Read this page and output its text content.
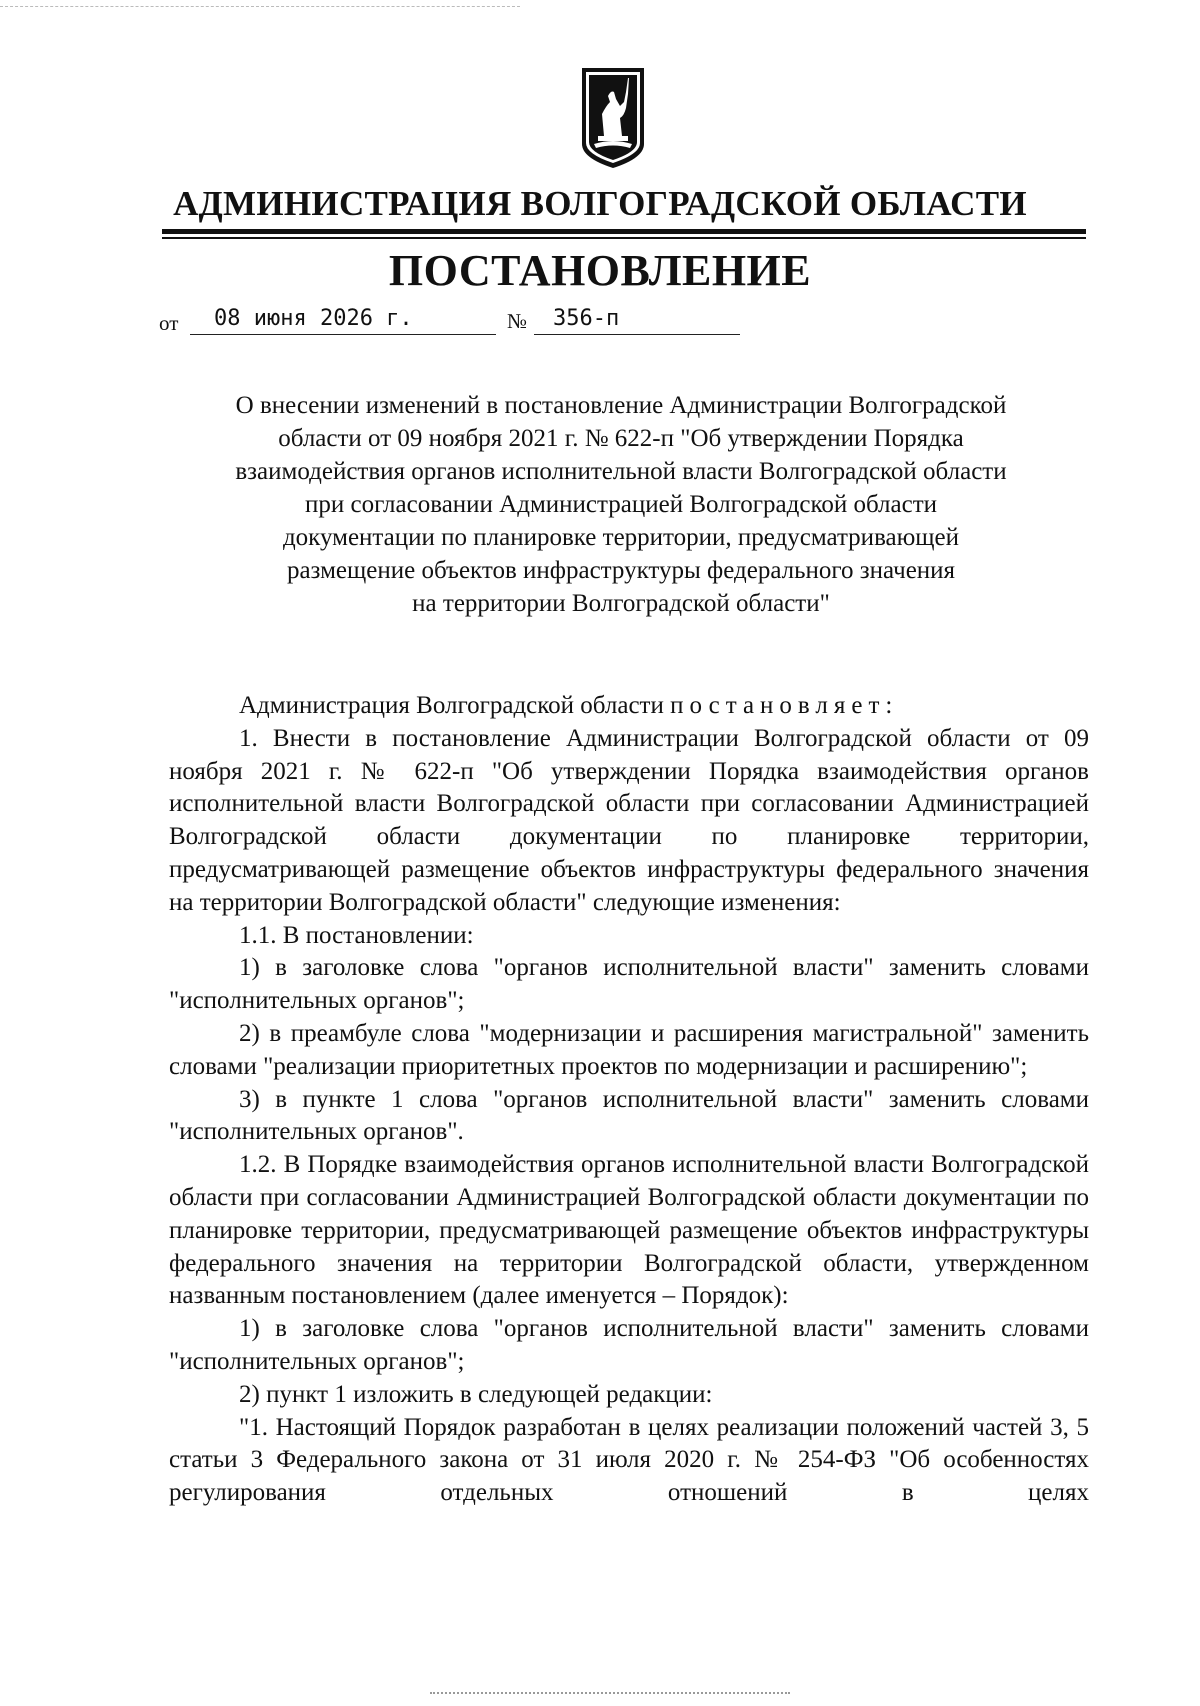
АДМИНИСТРАЦИЯ ВОЛГОГРАДСКОЙ ОБЛАСТИ
ПОСТАНОВЛЕНИЕ
от 08 июня 2026 г.	№ 356-п
О внесении изменений в постановление Администрации Волгоградской
области от 09 ноября 2021 г. № 622-п "Об утверждении Порядка
взаимодействия органов исполнительной власти Волгоградской области
при согласовании Администрацией Волгоградской области
документации по планировке территории, предусматривающей
размещение объектов инфраструктуры федерального значения
на территории Волгоградской области"

Администрация Волгоградской области постановляет:

1. Внести в постановление Администрации Волгоградской области от 09 ноября 2021 г. № 622-п "Об утверждении Порядка взаимодействия органов исполнительной власти Волгоградской области при согласовании Администрацией Волгоградской области документации по планировке территории, предусматривающей размещение объектов инфраструктуры федерального значения на территории Волгоградской области" следующие изменения:

1.1. В постановлении:

1) в заголовке слова "органов исполнительной власти" заменить словами "исполнительных органов";

2) в преамбуле слова "модернизации и расширения магистральной" заменить словами "реализации приоритетных проектов по модернизации и расширению";

3) в пункте 1 слова "органов исполнительной власти" заменить словами "исполнительных органов".

1.2. В Порядке взаимодействия органов исполнительной власти Волгоградской области при согласовании Администрацией Волгоградской области документации по планировке территории, предусматривающей размещение объектов инфраструктуры федерального значения на территории Волгоградской области, утвержденном названным постановлением (далее именуется – Порядок):

1) в заголовке слова "органов исполнительной власти" заменить словами "исполнительных органов";

2) пункт 1 изложить в следующей редакции:

"1. Настоящий Порядок разработан в целях реализации положений частей 3, 5 статьи 3 Федерального закона от 31 июля 2020 г. № 254-ФЗ "Об особенностях регулирования отдельных отношений в целях
